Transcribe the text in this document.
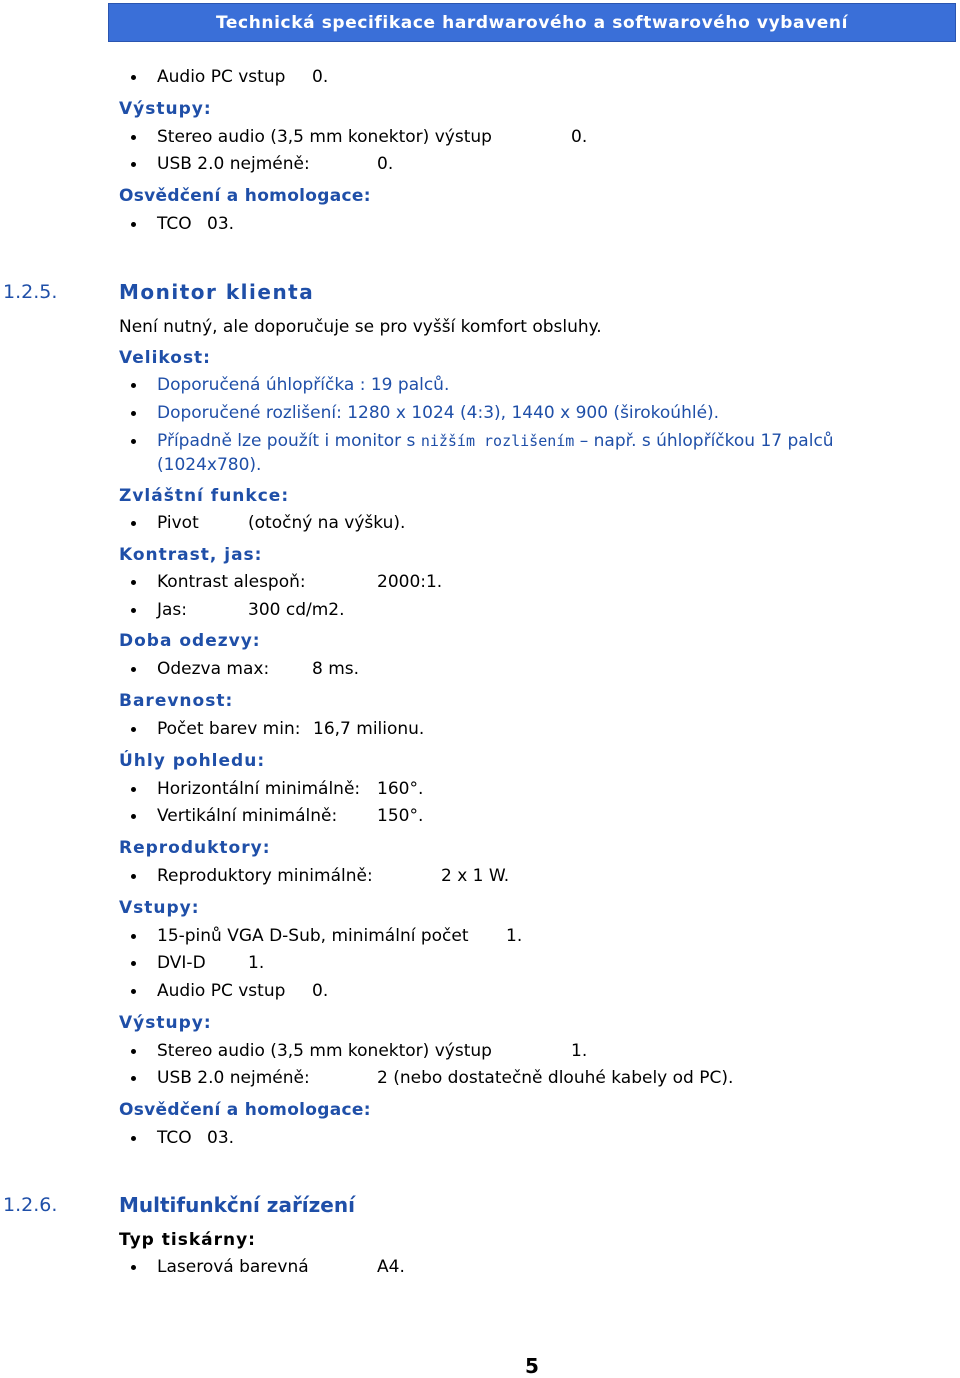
Technická specifikace hardwarového a softwarového vybavení
Audio PC vstup 0.
Výstupy:
Stereo audio (3,5 mm konektor) výstup	0.
USB 2.0 nejméně:	0.
Osvědčení a homologace:
TCO 03.
1.2.5.	Monitor klienta
Není nutný, ale doporučuje se pro vyšší komfort obsluhy.
Velikost:
Doporučená úhlopříčka : 19 palců.
Doporučené rozlišení: 1280 x 1024 (4:3), 1440 x 900 (širokoúhlé).
Případně lze použít i monitor s nižším rozlišením – např. s úhlopříčkou 17 palců
(1024x780).
Zvláštní funkce:
Pivot	(otočný na výšku).
Kontrast, jas:
Kontrast alespoň:	2000:1.
Jas:	300 cd/m2.
Doba odezvy:
Odezva max:	8 ms.
Barevnost:
Počet barev min: 16,7 milionu.
Úhly pohledu:
Horizontální minimálně: 160°.
Vertikální minimálně: 150°.
Reproduktory:
Reproduktory minimálně:	2 x 1 W.
Vstupy:
15-pinů VGA D-Sub, minimální počet 1.
DVI-D 1.
Audio PC vstup 0.
Výstupy:
Stereo audio (3,5 mm konektor) výstup	1.
USB 2.0 nejméně:	2 (nebo dostatečně dlouhé kabely od PC).
Osvědčení a homologace:
TCO 03.
1.2.6.	Multifunkční zařízení
Typ tiskárny:
Laserová barevná	A4.
5
